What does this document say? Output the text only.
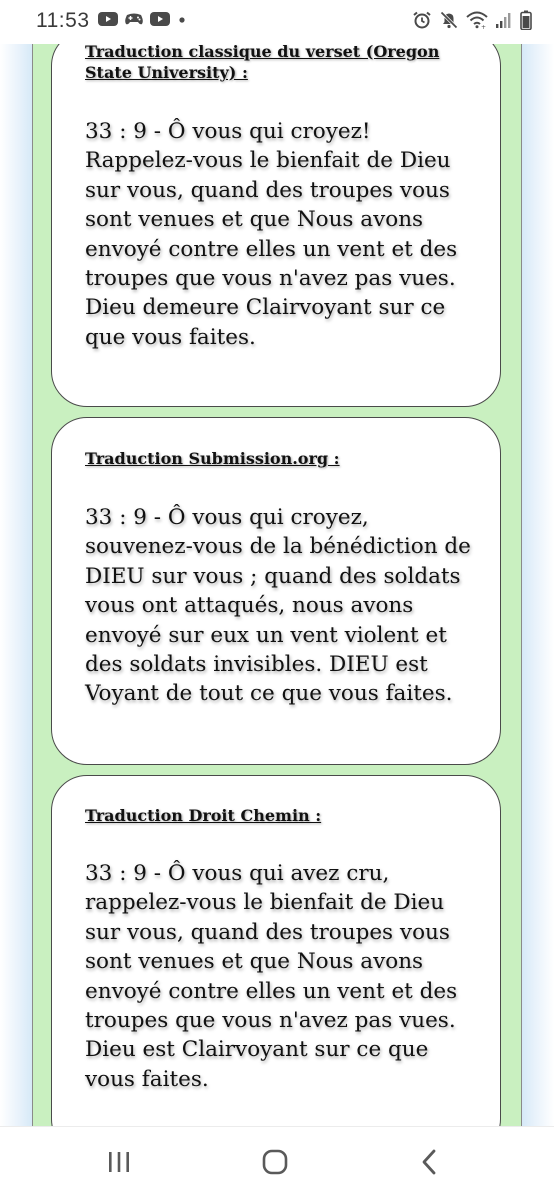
11:53	+
Traduction classique du verset (Oregon State University) :
33 : 9 - Ô vous qui croyez! Rappelez-vous le bienfait de Dieu sur vous, quand des troupes vous sont venues et que Nous avons envoyé contre elles un vent et des troupes que vous n'avez pas vues. Dieu demeure Clairvoyant sur ce que vous faites.
Traduction Submission.org :
33 : 9 - Ô vous qui croyez, souvenez-vous de la bénédiction de DIEU sur vous ; quand des soldats vous ont attaqués, nous avons envoyé sur eux un vent violent et des soldats invisibles. DIEU est Voyant de tout ce que vous faites.
Traduction Droit Chemin :
33 : 9 - Ô vous qui avez cru, rappelez-vous le bienfait de Dieu sur vous, quand des troupes vous sont venues et que Nous avons envoyé contre elles un vent et des troupes que vous n'avez pas vues. Dieu est Clairvoyant sur ce que vous faites.
